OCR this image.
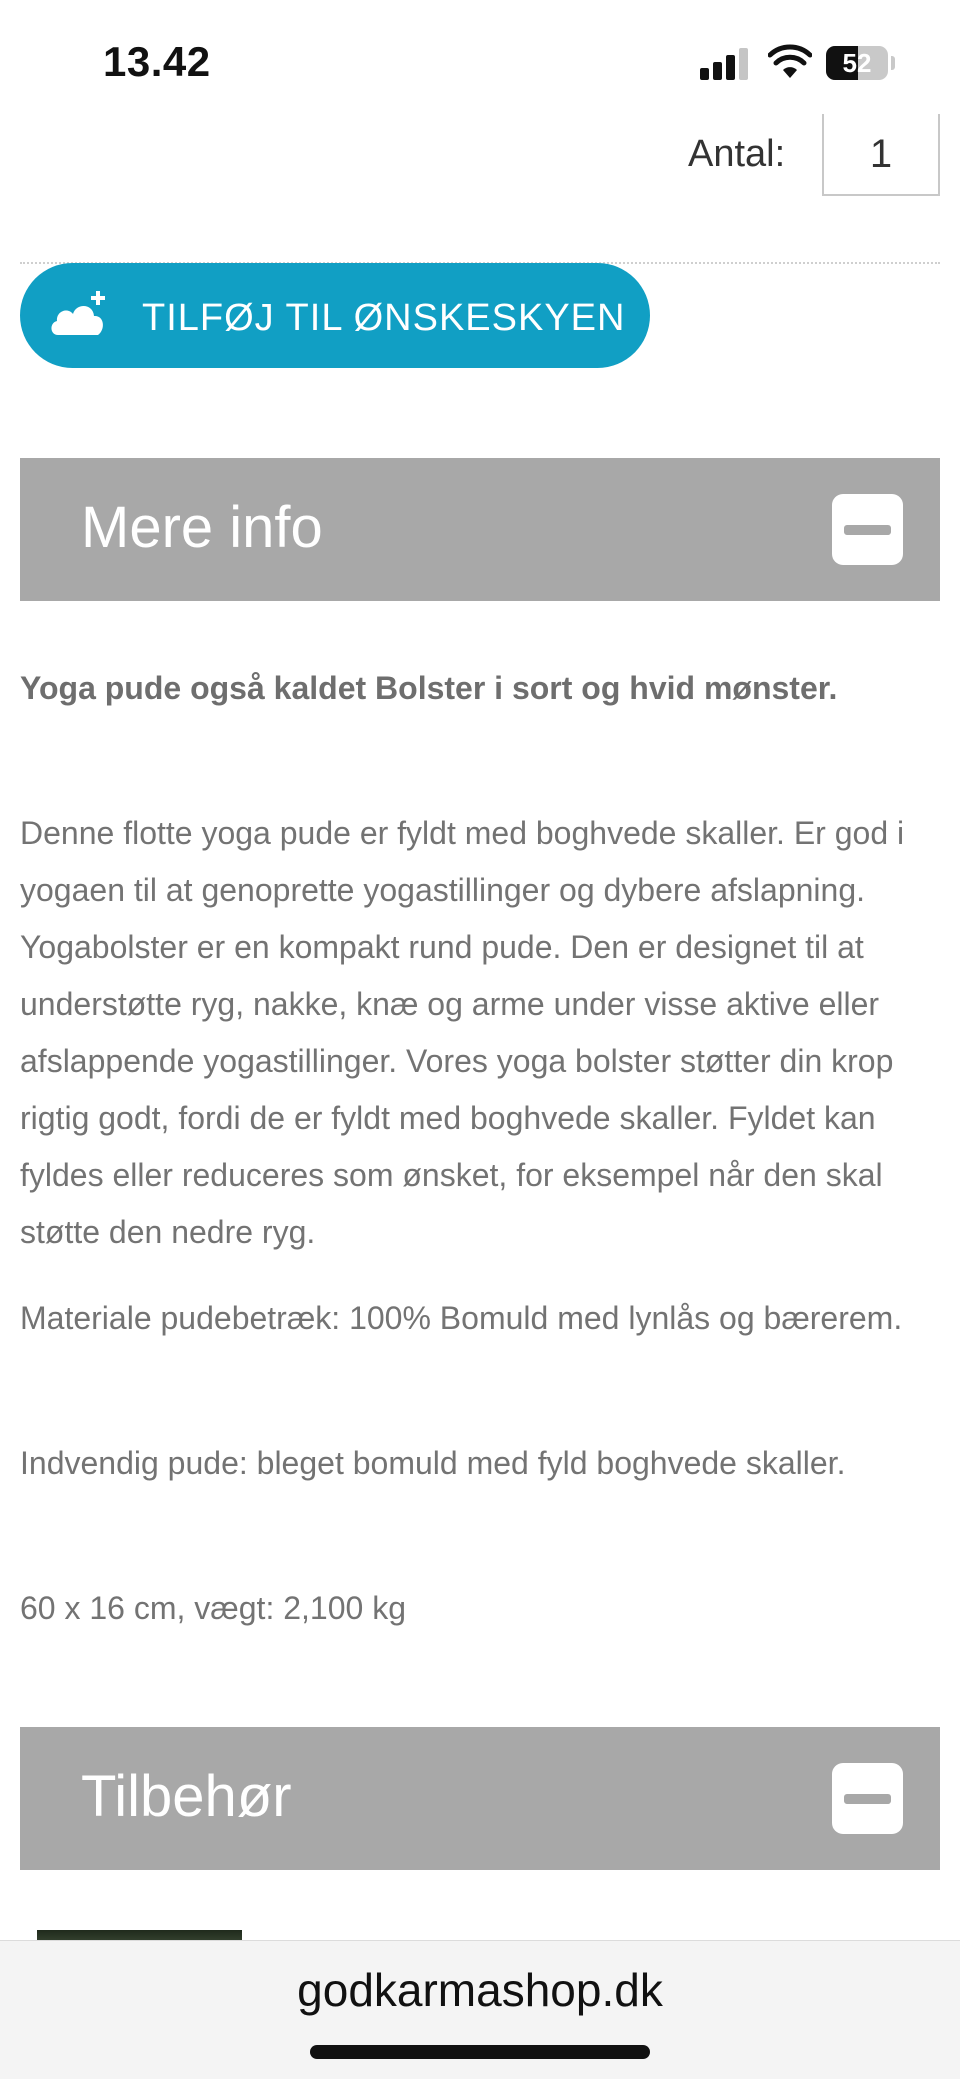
13.42	52
Antal:	1
TILFØJ TIL ØNSKESKYEN
Mere info

Yoga pude også kaldet Bolster i sort og hvid mønster.

Denne flotte yoga pude er fyldt med boghvede skaller. Er god i yogaen til at genoprette yogastillinger og dybere afslapning. Yogabolster er en kompakt rund pude. Den er designet til at understøtte ryg, nakke, knæ og arme under visse aktive eller afslappende yogastillinger. Vores yoga bolster støtter din krop rigtig godt, fordi de er fyldt med boghvede skaller. Fyldet kan fyldes eller reduceres som ønsket, for eksempel når den skal støtte den nedre ryg.

Materiale pudebetræk: 100% Bomuld med lynlås og bærerem.

Indvendig pude: bleget bomuld med fyld boghvede skaller.

60 x 16 cm, vægt: 2,100 kg

Tilbehør
godkarmashop.dk
